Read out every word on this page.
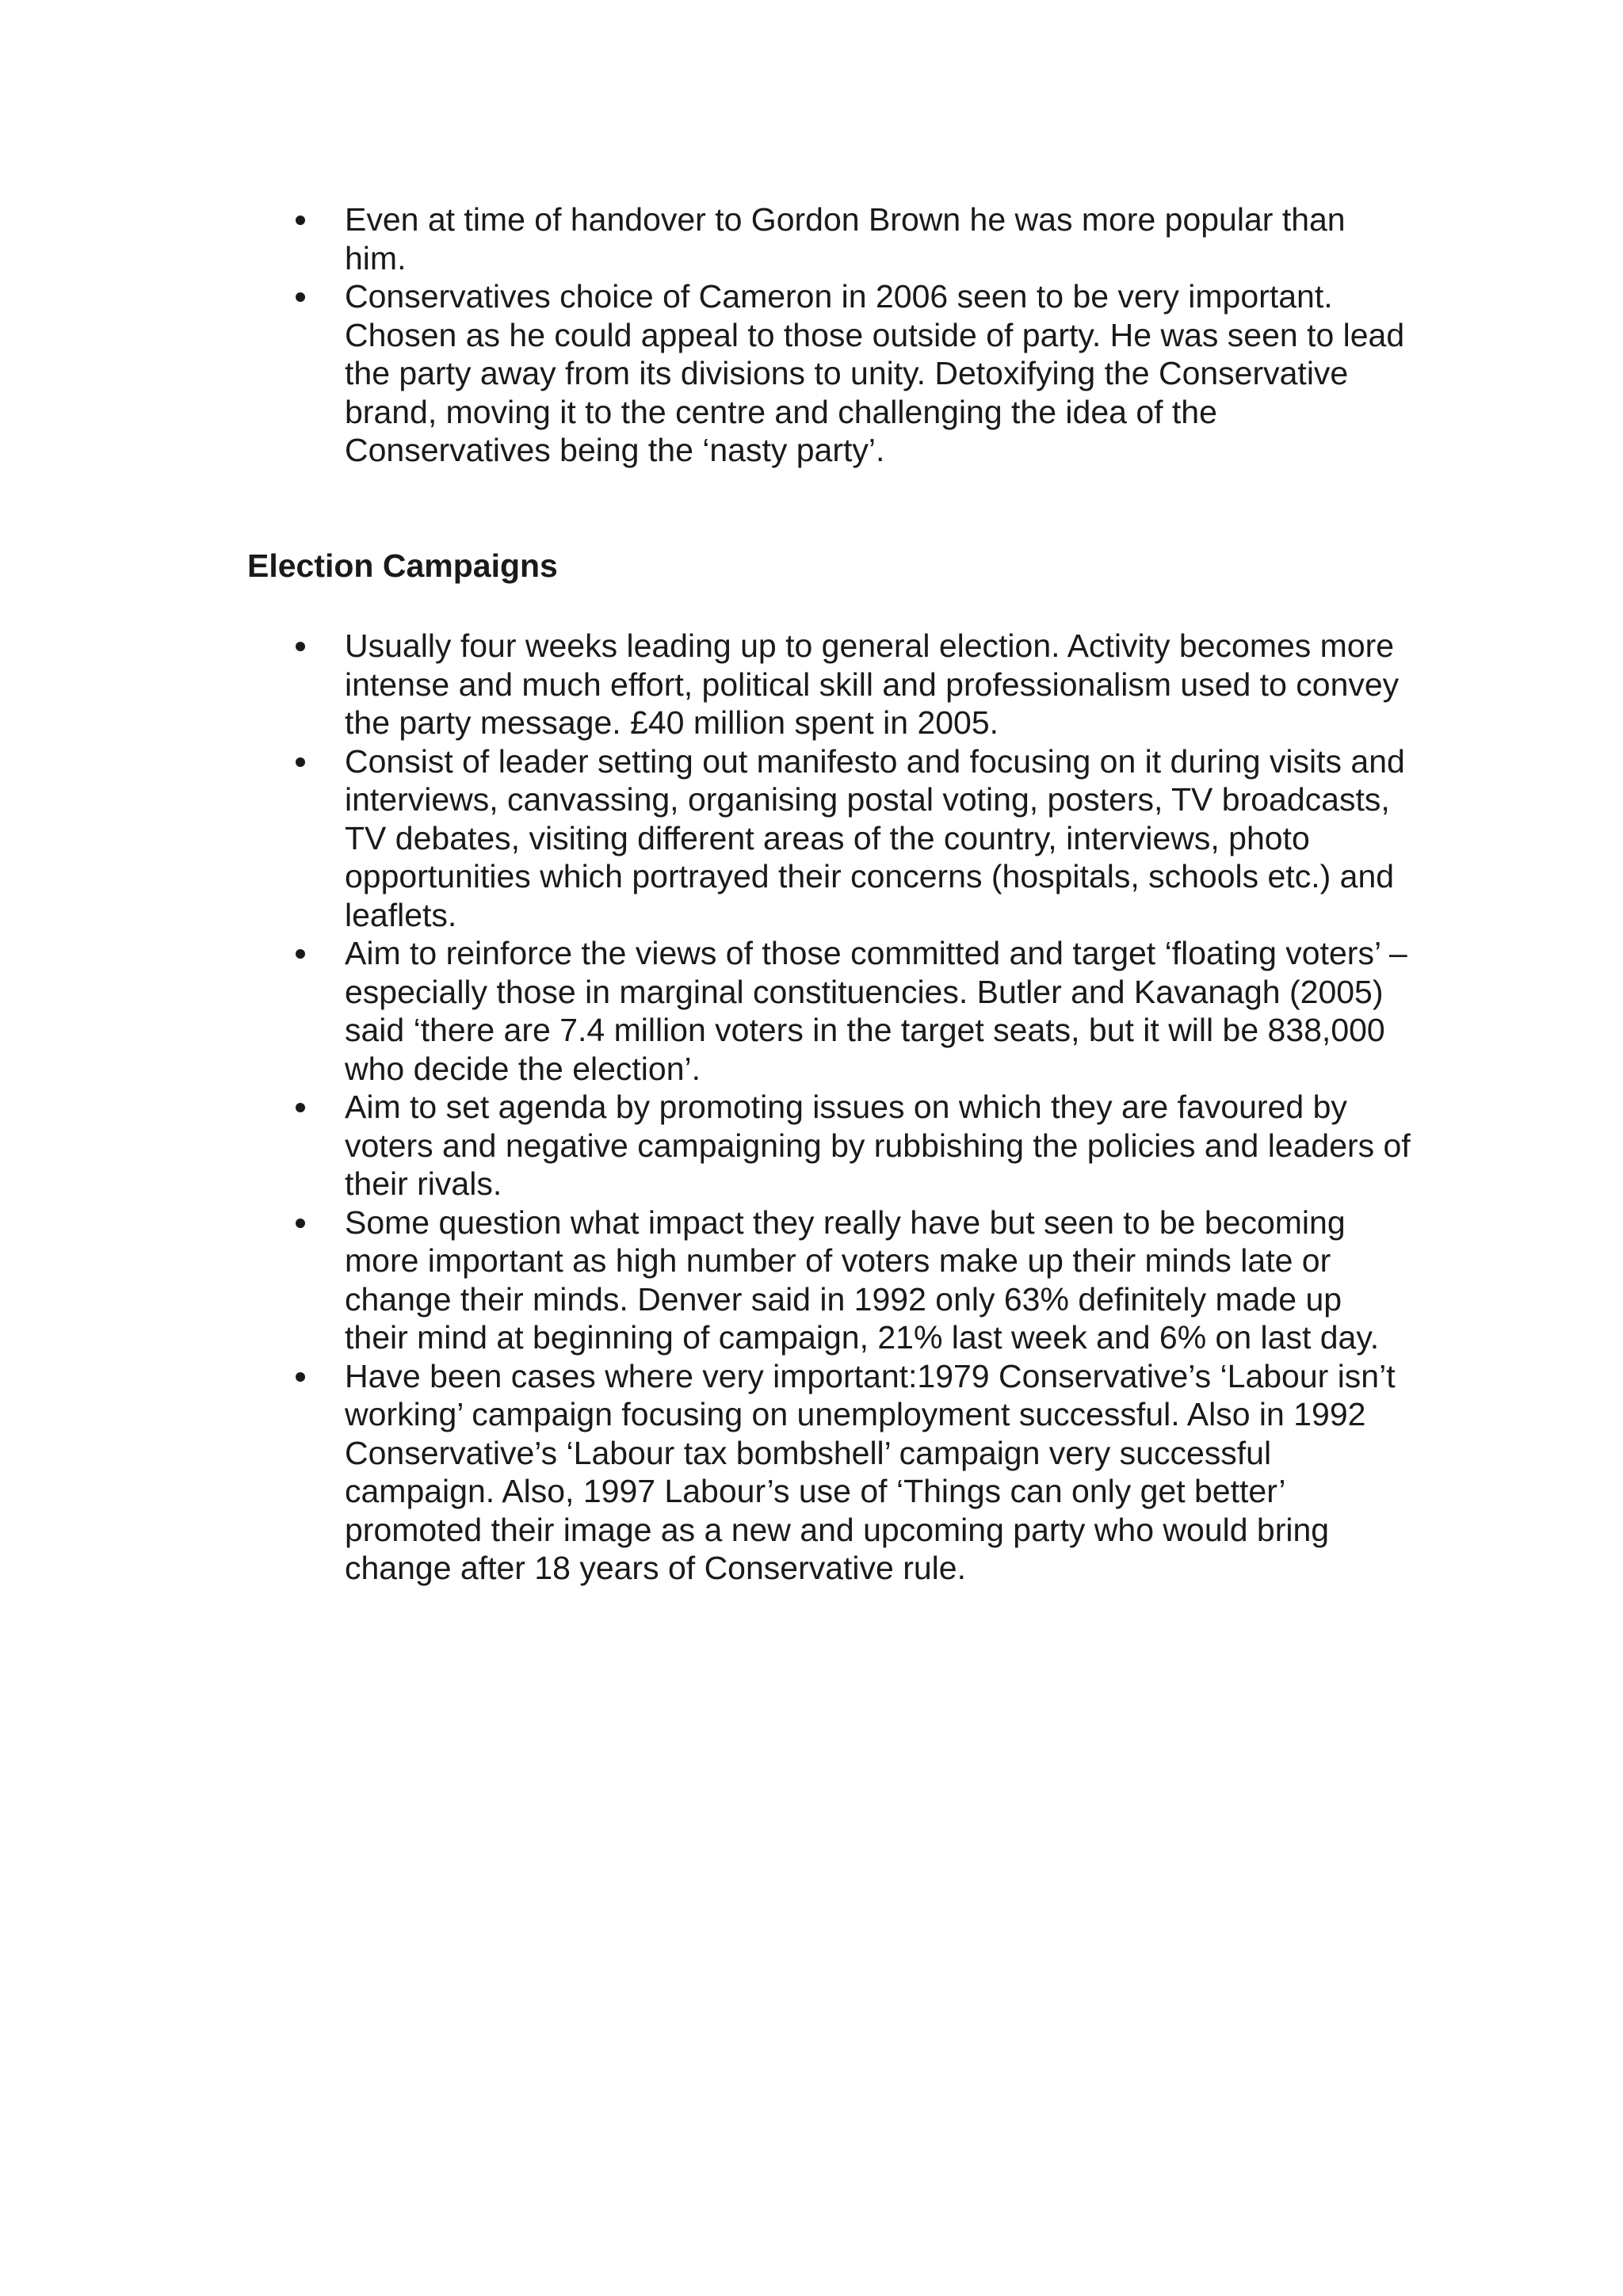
Even at time of handover to Gordon Brown he was more popular than him.
Conservatives choice of Cameron in 2006 seen to be very important. Chosen as he could appeal to those outside of party. He was seen to lead the party away from its divisions to unity. Detoxifying the Conservative brand, moving it to the centre and challenging the idea of the Conservatives being the ‘nasty party’.
Election Campaigns
Usually four weeks leading up to general election. Activity becomes more intense and much effort, political skill and professionalism used to convey the party message. £40 million spent in 2005.
Consist of leader setting out manifesto and focusing on it during visits and interviews, canvassing, organising postal voting, posters, TV broadcasts, TV debates, visiting different areas of the country, interviews, photo opportunities which portrayed their concerns (hospitals, schools etc.) and leaflets.
Aim to reinforce the views of those committed and target ‘floating voters’ – especially those in marginal constituencies. Butler and Kavanagh (2005) said ‘there are 7.4 million voters in the target seats, but it will be 838,000 who decide the election’.
Aim to set agenda by promoting issues on which they are favoured by voters and negative campaigning by rubbishing the policies and leaders of their rivals.
Some question what impact they really have but seen to be becoming more important as high number of voters make up their minds late or change their minds. Denver said in 1992 only 63% definitely made up their mind at beginning of campaign, 21% last week and 6% on last day.
Have been cases where very important:1979 Conservative’s ‘Labour isn’t working’ campaign focusing on unemployment successful. Also in 1992 Conservative’s ‘Labour tax bombshell’ campaign very successful campaign. Also, 1997 Labour’s use of ‘Things can only get better’ promoted their image as a new and upcoming party who would bring change after 18 years of Conservative rule.
